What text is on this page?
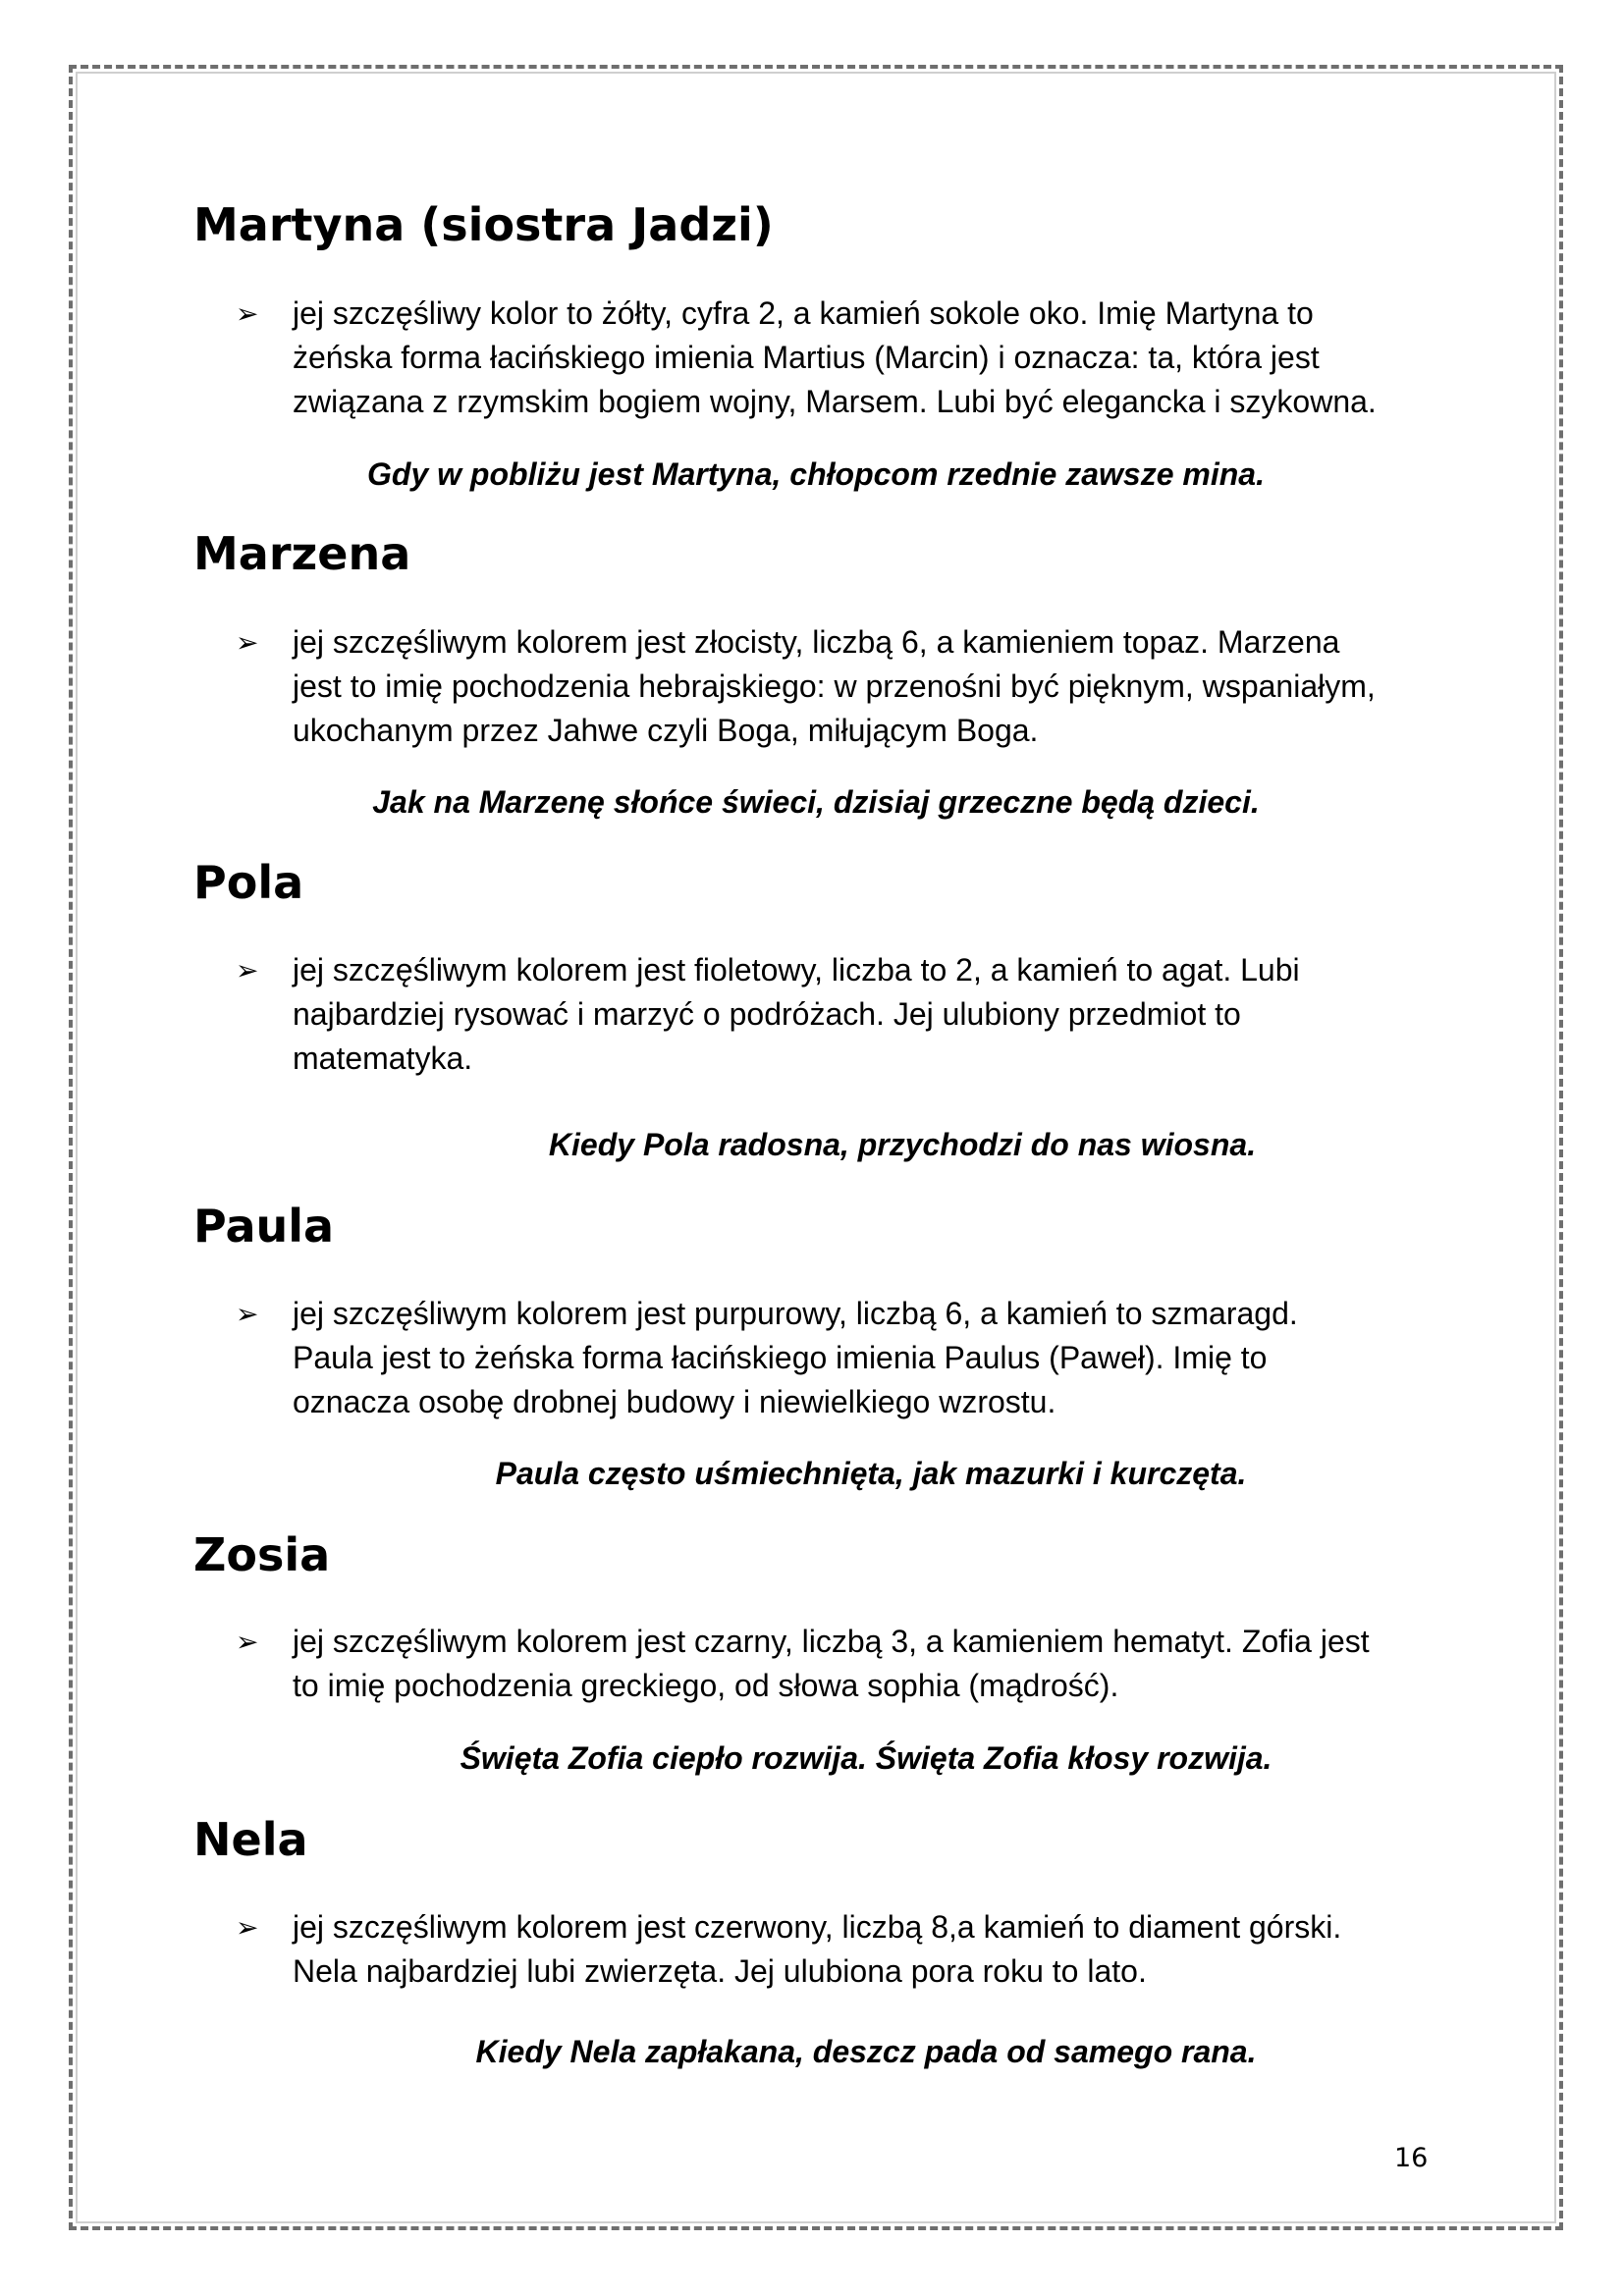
Martyna (siostra Jadzi)
➢ jej szczęśliwy kolor to żółty, cyfra 2, a kamień sokole oko. Imię Martyna to
żeńska forma łacińskiego imienia Martius (Marcin) i oznacza: ta, która jest
związana z rzymskim bogiem wojny, Marsem. Lubi być elegancka i szykowna.
Gdy w pobliżu jest Martyna, chłopcom rzednie zawsze mina.
Marzena
➢ jej szczęśliwym kolorem jest złocisty, liczbą 6, a kamieniem topaz. Marzena
jest to imię pochodzenia hebrajskiego: w przenośni być pięknym, wspaniałym,
ukochanym przez Jahwe czyli Boga, miłującym Boga.
Jak na Marzenę słońce świeci, dzisiaj grzeczne będą dzieci.
Pola
➢ jej szczęśliwym kolorem jest fioletowy, liczba to 2, a kamień to agat. Lubi
najbardziej rysować i marzyć o podróżach. Jej ulubiony przedmiot to
matematyka.
Kiedy Pola radosna, przychodzi do nas wiosna.
Paula
➢ jej szczęśliwym kolorem jest purpurowy, liczbą 6, a kamień to szmaragd.
Paula jest to żeńska forma łacińskiego imienia Paulus (Paweł). Imię to
oznacza osobę drobnej budowy i niewielkiego wzrostu.
Paula często uśmiechnięta, jak mazurki i kurczęta.
Zosia
➢ jej szczęśliwym kolorem jest czarny, liczbą 3, a kamieniem hematyt. Zofia jest
to imię pochodzenia greckiego, od słowa sophia (mądrość).
Święta Zofia ciepło rozwija. Święta Zofia kłosy rozwija.
Nela
➢ jej szczęśliwym kolorem jest czerwony, liczbą 8,a kamień to diament górski.
Nela najbardziej lubi zwierzęta. Jej ulubiona pora roku to lato.
Kiedy Nela zapłakana, deszcz pada od samego rana.
16
